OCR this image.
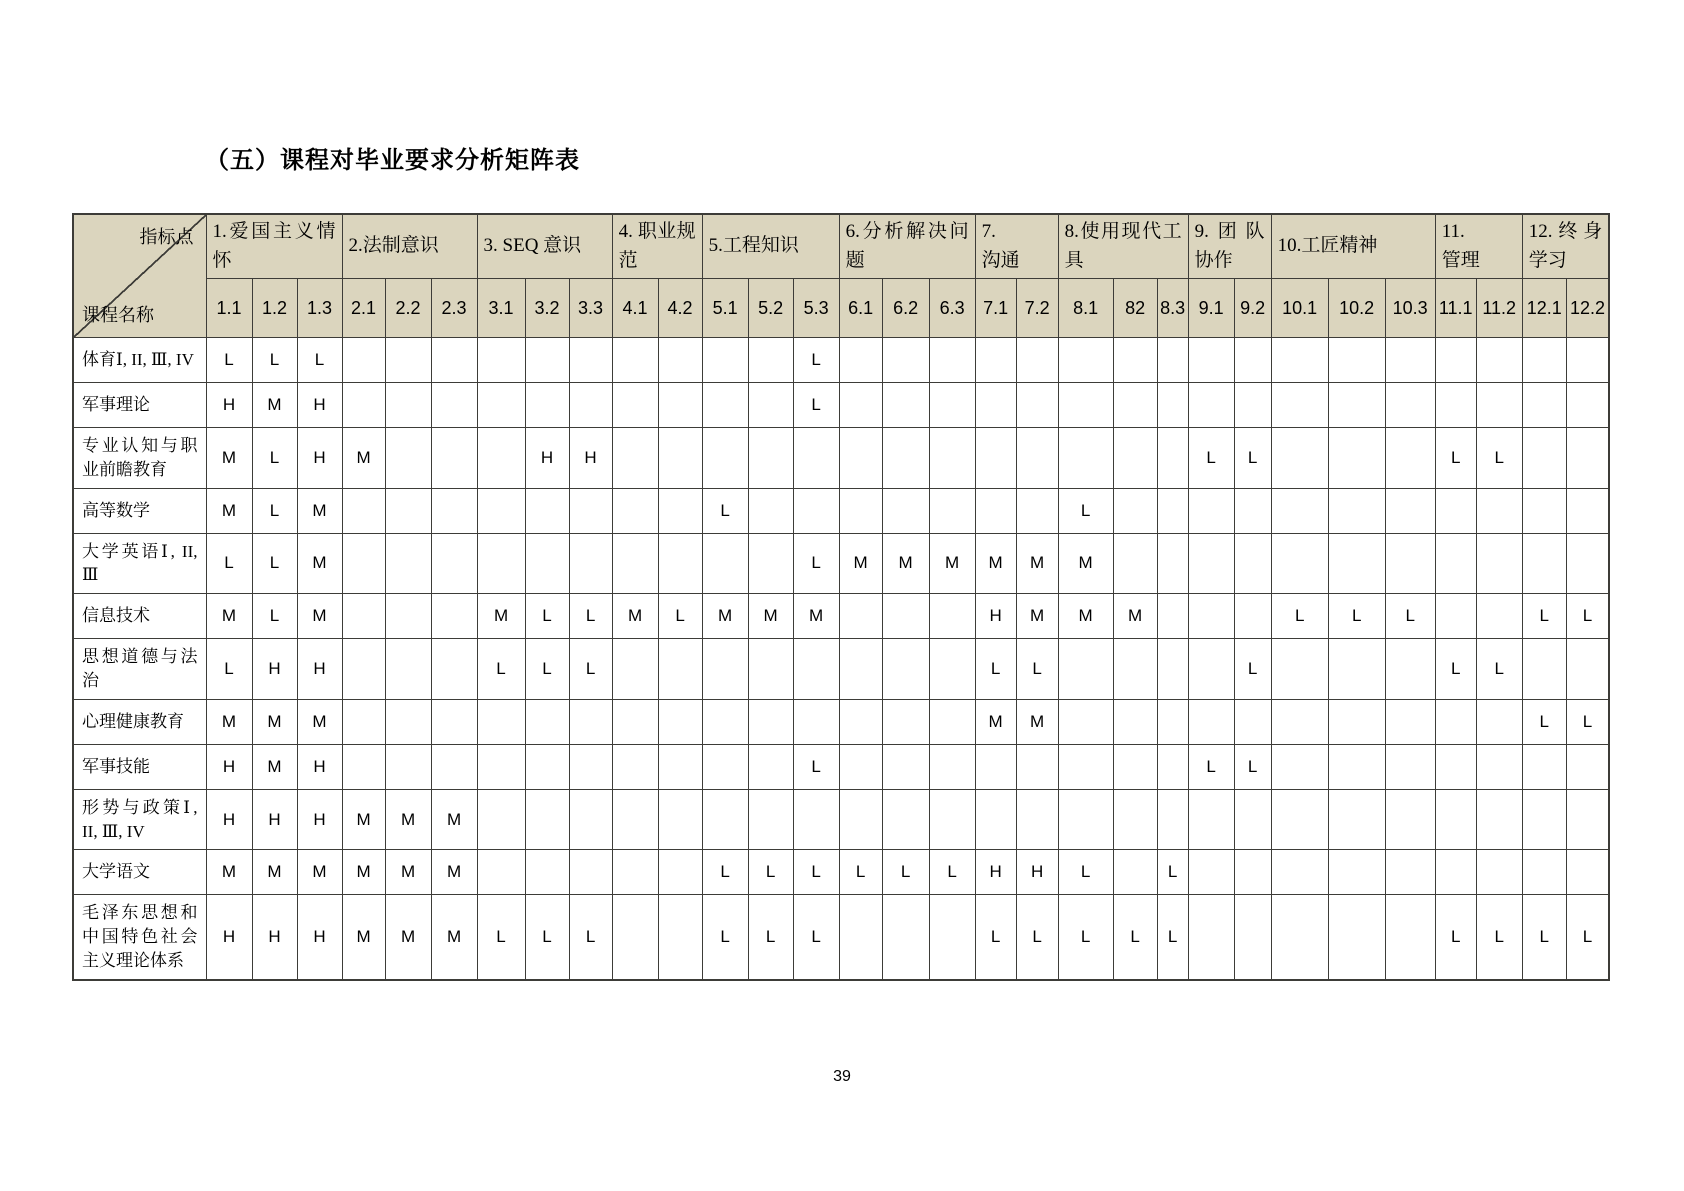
（五）课程对毕业要求分析矩阵表
指标点
课程名称	1.爱国主义情怀			2.法制意识			3. SEQ 意识			4. 职业规范		5.工程知识			6.分析解决问题			7.　　沟通		8.使用现代工具			9.团队协作		10.工匠精神			11.　　管理		12.终身学习	
	1.1	1.2	1.3	2.1	2.2	2.3	3.1	3.2	3.3	4.1	4.2	5.1	5.2	5.3	6.1	6.2	6.3	7.1	7.2	8.1	82	8.3	9.1	9.2	10.1	10.2	10.3	11.1	11.2	12.1	12.2
体育Ⅰ, II, Ⅲ, IV	L	L	L											L																	
军事理论	H	M	H											L																	
专业认知与职业前瞻教育	M	L	H	M				H	H														L	L				L	L		
高等数学	M	L	M									L								L											
大学英语Ⅰ, II, Ⅲ	L	L	M											L	M	M	M	M	M	M											
信息技术	M	L	M				M	L	L	M	L	M	M	M				H	M	M	M				L	L	L			L	L
思想道德与法治	L	H	H				L	L	L									L	L					L				L	L		
心理健康教育	M	M	M															M	M											L	L
军事技能	H	M	H											L									L	L							
形势与政策Ⅰ, II, Ⅲ, IV	H	H	H	M	M	M																									
大学语文	M	M	M	M	M	M						L	L	L	L	L	L	H	H	L		L									
毛泽东思想和中国特色社会主义理论体系	H	H	H	M	M	M	L	L	L			L	L	L				L	L	L	L	L						L	L	L	L
39
